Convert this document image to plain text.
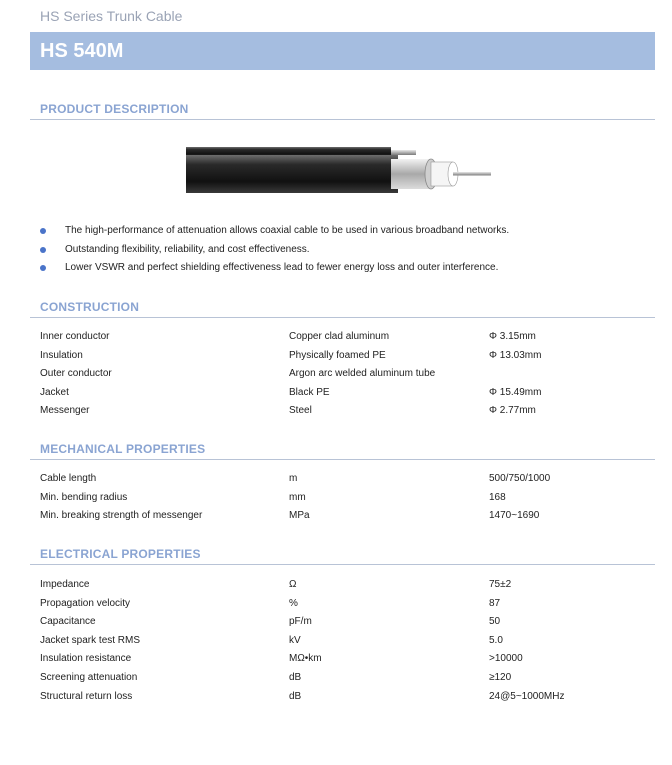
HS Series Trunk Cable
HS 540M
PRODUCT DESCRIPTION
The high-performance of attenuation allows coaxial cable to be used in various broadband networks.
Outstanding flexibility, reliability, and cost effectiveness.
Lower VSWR and perfect shielding effectiveness lead to fewer energy loss and outer interference.
CONSTRUCTION
Inner conductor	Copper clad aluminum	Φ 3.15mm
Insulation	Physically foamed PE	Φ 13.03mm
Outer conductor	Argon arc welded aluminum tube
Jacket	Black PE	Φ 15.49mm
Messenger	Steel	Φ 2.77mm
MECHANICAL PROPERTIES
Cable length	m	500/750/1000
Min. bending radius	mm	168
Min. breaking strength of messenger	MPa	1470~1690
ELECTRICAL PROPERTIES
Impedance	Ω	75±2
Propagation velocity	%	87
Capacitance	pF/m	50
Jacket spark test RMS	kV	5.0
Insulation resistance	MΩ•km	>10000
Screening attenuation	dB	≥120
Structural return loss	dB	24@5~1000MHz
